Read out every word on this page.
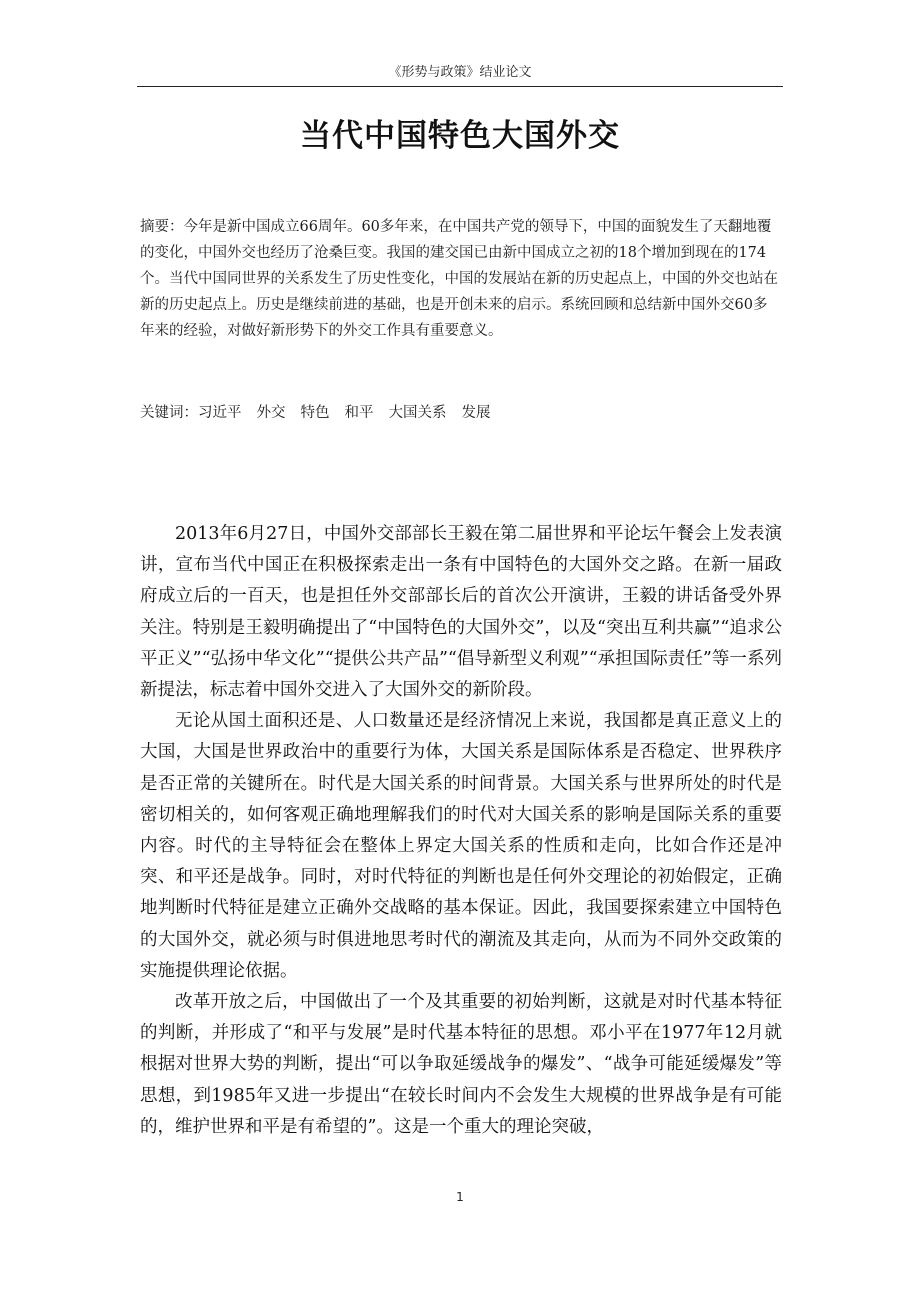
《形势与政策》结业论文
当代中国特色大国外交

摘要：今年是新中国成立66周年。60多年来，在中国共产党的领导下，中国的面貌发生了天翻地覆的变化，中国外交也经历了沧桑巨变。我国的建交国已由新中国成立之初的18个增加到现在的174个。当代中国同世界的关系发生了历史性变化，中国的发展站在新的历史起点上，中国的外交也站在新的历史起点上。历史是继续前进的基础，也是开创未来的启示。系统回顾和总结新中国外交60多年来的经验，对做好新形势下的外交工作具有重要意义。

关键词：习近平 外交 特色 和平 大国关系 发展

2013年6月27日，中国外交部部长王毅在第二届世界和平论坛午餐会上发表演讲，宣布当代中国正在积极探索走出一条有中国特色的大国外交之路。在新一届政府成立后的一百天，也是担任外交部部长后的首次公开演讲，王毅的讲话备受外界关注。特别是王毅明确提出了“中国特色的大国外交”，以及“突出互利共赢”“追求公平正义”“弘扬中华文化”“提供公共产品”“倡导新型义利观”“承担国际责任”等一系列新提法，标志着中国外交进入了大国外交的新阶段。

无论从国土面积还是、人口数量还是经济情况上来说，我国都是真正意义上的大国，大国是世界政治中的重要行为体，大国关系是国际体系是否稳定、世界秩序是否正常的关键所在。时代是大国关系的时间背景。大国关系与世界所处的时代是密切相关的，如何客观正确地理解我们的时代对大国关系的影响是国际关系的重要内容。时代的主导特征会在整体上界定大国关系的性质和走向，比如合作还是冲突、和平还是战争。同时，对时代特征的判断也是任何外交理论的初始假定，正确地判断时代特征是建立正确外交战略的基本保证。因此，我国要探索建立中国特色的大国外交，就必须与时俱进地思考时代的潮流及其走向，从而为不同外交政策的实施提供理论依据。

改革开放之后，中国做出了一个及其重要的初始判断，这就是对时代基本特征的判断，并形成了“和平与发展”是时代基本特征的思想。邓小平在1977年12月就根据对世界大势的判断，提出“可以争取延缓战争的爆发”、“战争可能延缓爆发”等思想，到1985年又进一步提出“在较长时间内不会发生大规模的世界战争是有可能的，维护世界和平是有希望的”。这是一个重大的理论突破，

1
